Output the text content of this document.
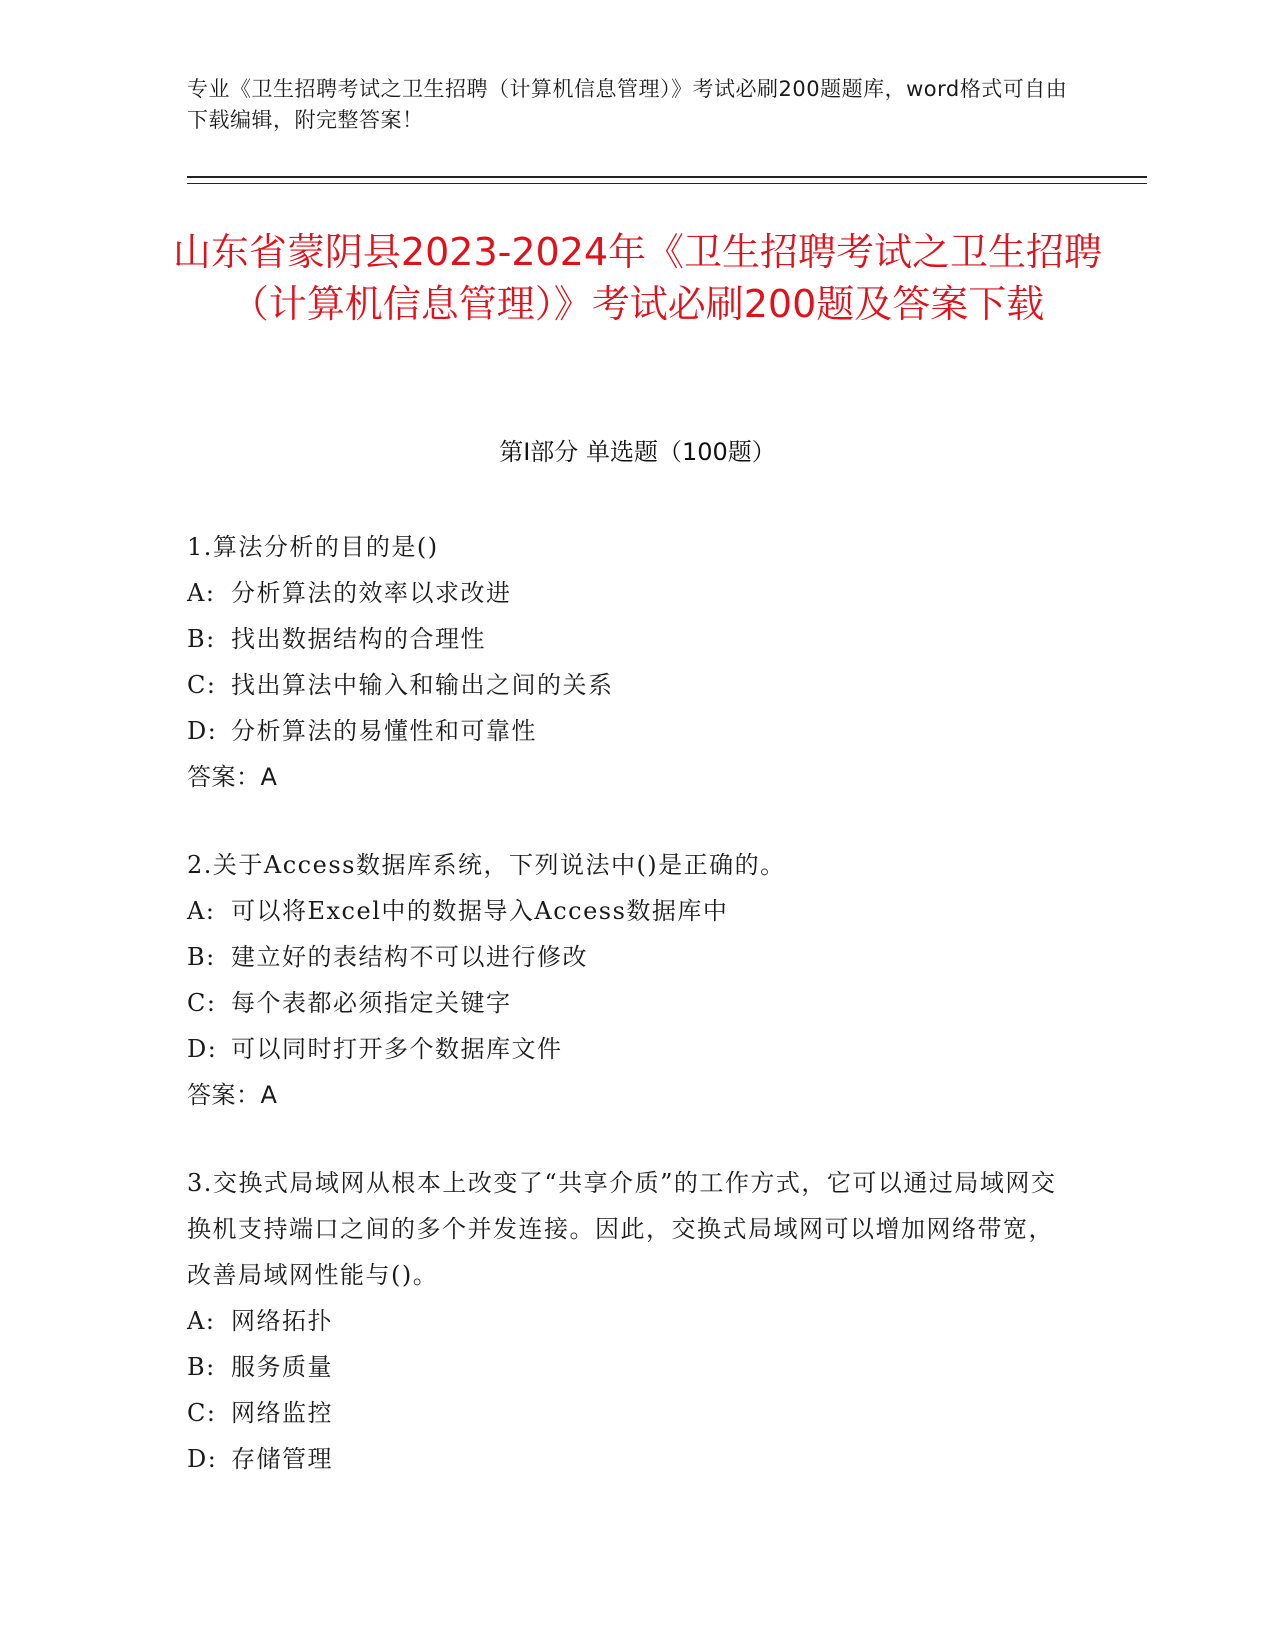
专业《卫生招聘考试之卫生招聘（计算机信息管理）》考试必刷200题题库，word格式可自由下载编辑，附完整答案！
山东省蒙阴县2023-2024年《卫生招聘考试之卫生招聘（计算机信息管理）》考试必刷200题及答案下载
第Ⅰ部分 单选题（100题）
1.算法分析的目的是()
A: 分析算法的效率以求改进
B: 找出数据结构的合理性
C: 找出算法中输入和输出之间的关系
D: 分析算法的易懂性和可靠性
答案：A
2.关于Access数据库系统，下列说法中()是正确的。
A: 可以将Excel中的数据导入Access数据库中
B: 建立好的表结构不可以进行修改
C: 每个表都必须指定关键字
D: 可以同时打开多个数据库文件
答案：A
3.交换式局域网从根本上改变了“共享介质”的工作方式，它可以通过局域网交换机支持端口之间的多个并发连接。因此，交换式局域网可以增加网络带宽，改善局域网性能与()。
A: 网络拓扑
B: 服务质量
C: 网络监控
D: 存储管理
